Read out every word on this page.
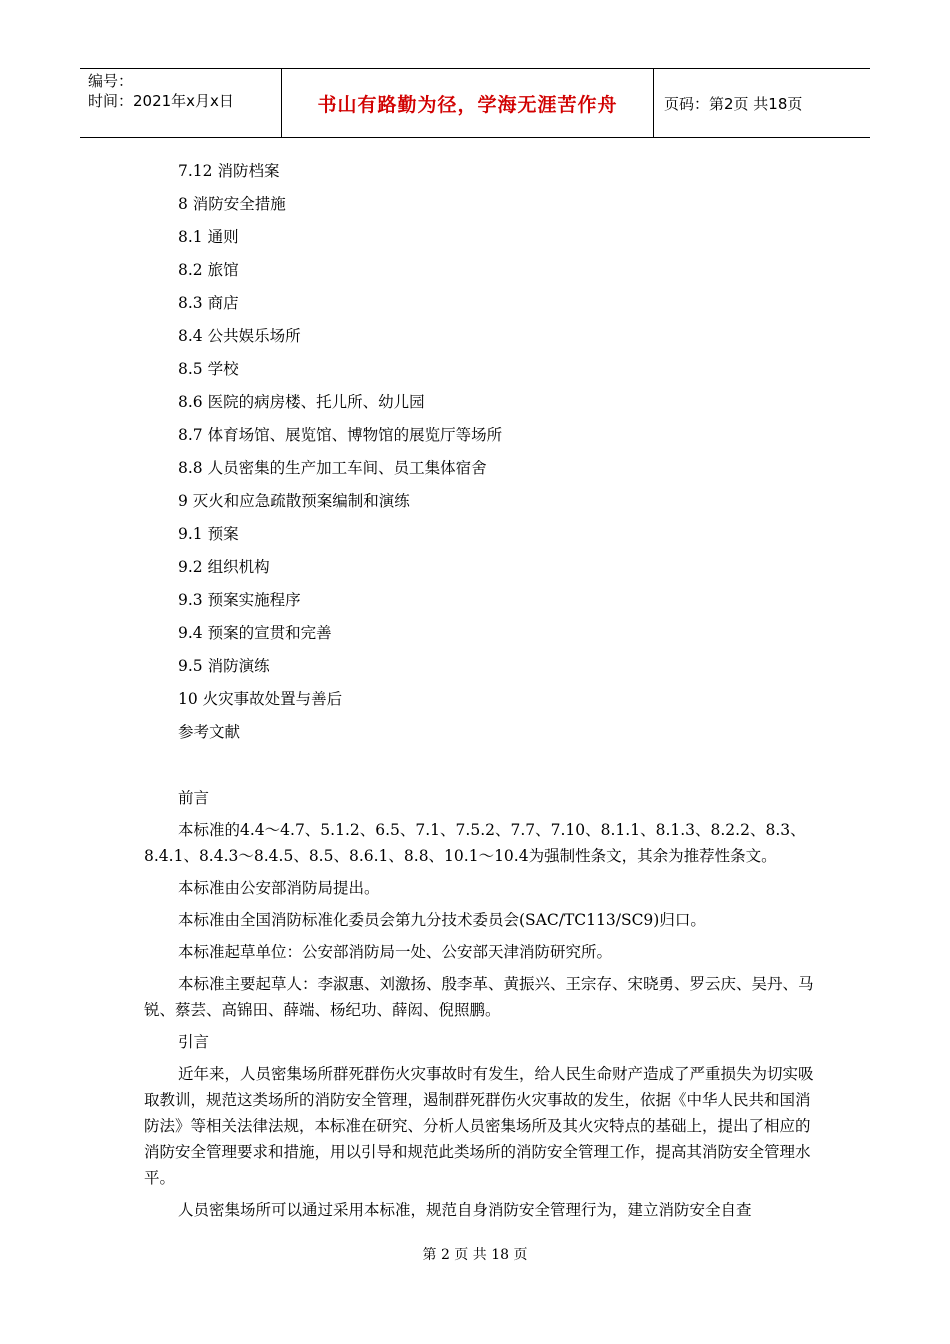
编号：
时间：2021年x月x日	书山有路勤为径，学海无涯苦作舟	页码：第2页 共18页
7.12 消防档案
8 消防安全措施
8.1 通则
8.2 旅馆
8.3 商店
8.4 公共娱乐场所
8.5 学校
8.6 医院的病房楼、托儿所、幼儿园
8.7 体育场馆、展览馆、博物馆的展览厅等场所
8.8 人员密集的生产加工车间、员工集体宿舍
9 灭火和应急疏散预案编制和演练
9.1 预案
9.2 组织机构
9.3 预案实施程序
9.4 预案的宣贯和完善
9.5 消防演练
10 火灾事故处置与善后
参考文献

前言

本标准的4.4～4.7、5.1.2、6.5、7.1、7.5.2、7.7、7.10、8.1.1、8.1.3、8.2.2、8.3、8.4.1、8.4.3～8.4.5、8.5、8.6.1、8.8、10.1～10.4为强制性条文，其余为推荐性条文。

本标准由公安部消防局提出。

本标准由全国消防标准化委员会第九分技术委员会(SAC/TC113/SC9)归口。

本标准起草单位：公安部消防局一处、公安部天津消防研究所。

本标准主要起草人：李淑惠、刘激扬、殷李革、黄振兴、王宗存、宋晓勇、罗云庆、吴丹、马锐、蔡芸、高锦田、薛端、杨纪功、薛闳、倪照鹏。

引言

近年来，人员密集场所群死群伤火灾事故时有发生，给人民生命财产造成了严重损失为切实吸取教训，规范这类场所的消防安全管理，遏制群死群伤火灾事故的发生，依据《中华人民共和国消防法》等相关法律法规，本标准在研究、分析人员密集场所及其火灾特点的基础上，提出了相应的消防安全管理要求和措施，用以引导和规范此类场所的消防安全管理工作，提高其消防安全管理水平。

人员密集场所可以通过采用本标准，规范自身消防安全管理行为，建立消防安全自查

第 2 页 共 18 页
